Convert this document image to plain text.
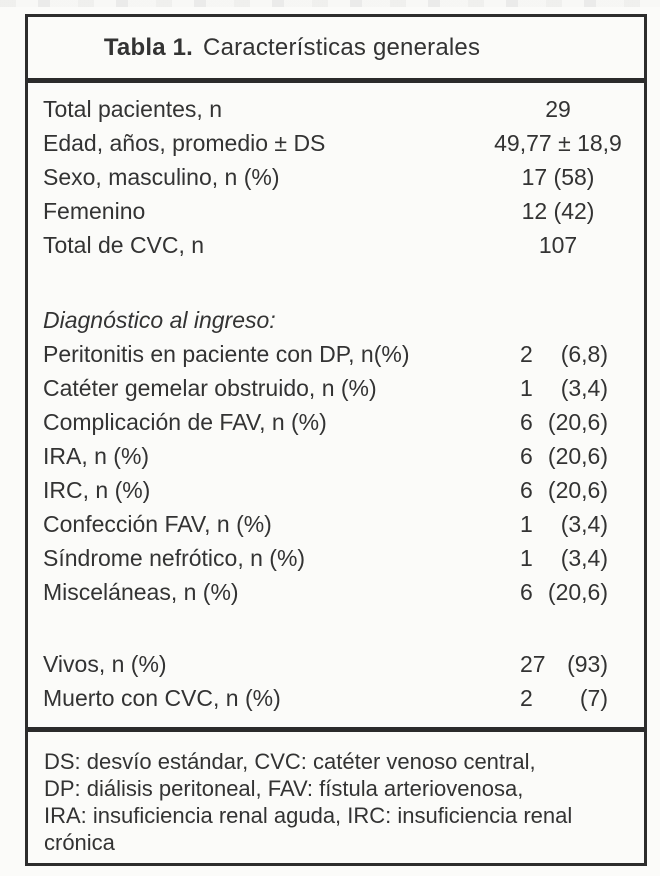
Tabla 1. Características generales
Total pacientes, n	29
Edad, años, promedio ± DS	49,77 ± 18,9
Sexo, masculino, n (%)	17 (58)
Femenino	12 (42)
Total de CVC, n	107
Diagnóstico al ingreso:
Peritonitis en paciente con DP, n(%)	2	(6,8)
Catéter gemelar obstruido, n (%)	1	(3,4)
Complicación de FAV, n (%)	6 (20,6)
IRA, n (%)	6 (20,6)
IRC, n (%)	6 (20,6)
Confección FAV, n (%)	1	(3,4)
Síndrome nefrótico, n (%)	1	(3,4)
Misceláneas, n (%)	6 (20,6)
Vivos, n (%)	27 (93)
Muerto con CVC, n (%)	2	(7)
DS: desvío estándar, CVC: catéter venoso central,
DP: diálisis peritoneal, FAV: fístula arteriovenosa,
IRA: insuficiencia renal aguda, IRC: insuficiencia renal
crónica
